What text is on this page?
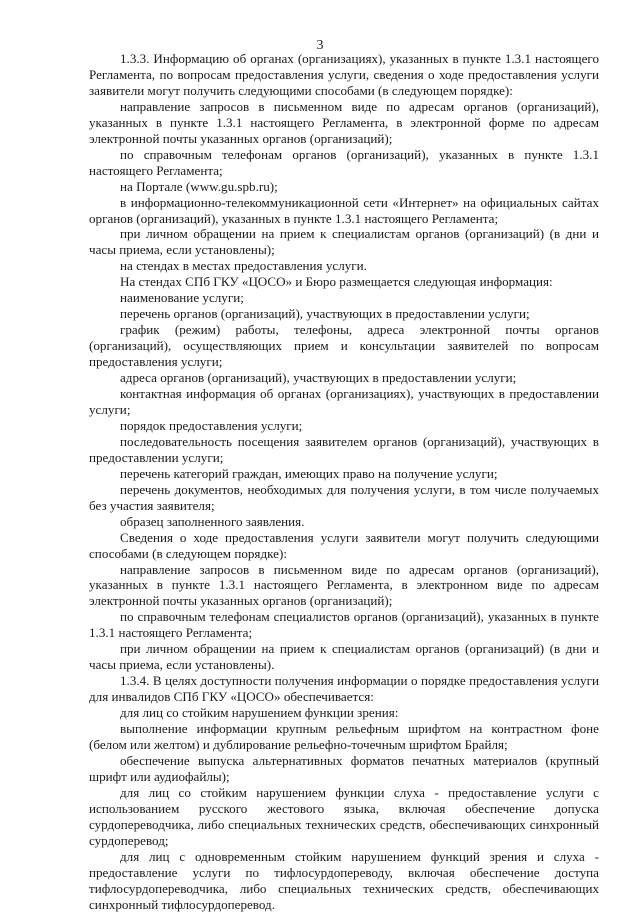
3

1.3.3. Информацию об органах (организациях), указанных в пункте 1.3.1 настоящего Регламента, по вопросам предоставления услуги, сведения о ходе предоставления услуги заявители могут получить следующими способами (в следующем порядке):

направление запросов в письменном виде по адресам органов (организаций), указанных в пункте 1.3.1 настоящего Регламента, в электронной форме по адресам электронной почты указанных органов (организаций);

по справочным телефонам органов (организаций), указанных в пункте 1.3.1 настоящего Регламента;

на Портале (www.gu.spb.ru);

в информационно-телекоммуникационной сети «Интернет» на официальных сайтах органов (организаций), указанных в пункте 1.3.1 настоящего Регламента;

при личном обращении на прием к специалистам органов (организаций) (в дни и часы приема, если установлены);

на стендах в местах предоставления услуги.

На стендах СПб ГКУ «ЦОСО» и Бюро размещается следующая информация:

наименование услуги;

перечень органов (организаций), участвующих в предоставлении услуги;

график (режим) работы, телефоны, адреса электронной почты органов (организаций), осуществляющих прием и консультации заявителей по вопросам предоставления услуги;

адреса органов (организаций), участвующих в предоставлении услуги;

контактная информация об органах (организациях), участвующих в предоставлении услуги;

порядок предоставления услуги;

последовательность посещения заявителем органов (организаций), участвующих в предоставлении услуги;

перечень категорий граждан, имеющих право на получение услуги;

перечень документов, необходимых для получения услуги, в том числе получаемых без участия заявителя;

образец заполненного заявления.

Сведения о ходе предоставления услуги заявители могут получить следующими способами (в следующем порядке):

направление запросов в письменном виде по адресам органов (организаций), указанных в пункте 1.3.1 настоящего Регламента, в электронном виде по адресам электронной почты указанных органов (организаций);

по справочным телефонам специалистов органов (организаций), указанных в пункте 1.3.1 настоящего Регламента;

при личном обращении на прием к специалистам органов (организаций) (в дни и часы приема, если установлены).

1.3.4. В целях доступности получения информации о порядке предоставления услуги для инвалидов СПб ГКУ «ЦОСО» обеспечивается:

для лиц со стойким нарушением функции зрения:

выполнение информации крупным рельефным шрифтом на контрастном фоне (белом или желтом) и дублирование рельефно-точечным шрифтом Брайля;

обеспечение выпуска альтернативных форматов печатных материалов (крупный шрифт или аудиофайлы);

для лиц со стойким нарушением функции слуха - предоставление услуги с использованием русского жестового языка, включая обеспечение допуска сурдопереводчика, либо специальных технических средств, обеспечивающих синхронный сурдоперевод;

для лиц с одновременным стойким нарушением функций зрения и слуха - предоставление услуги по тифлосурдопереводу, включая обеспечение доступа тифлосурдопереводчика, либо специальных технических средств, обеспечивающих синхронный тифлосурдоперевод.
